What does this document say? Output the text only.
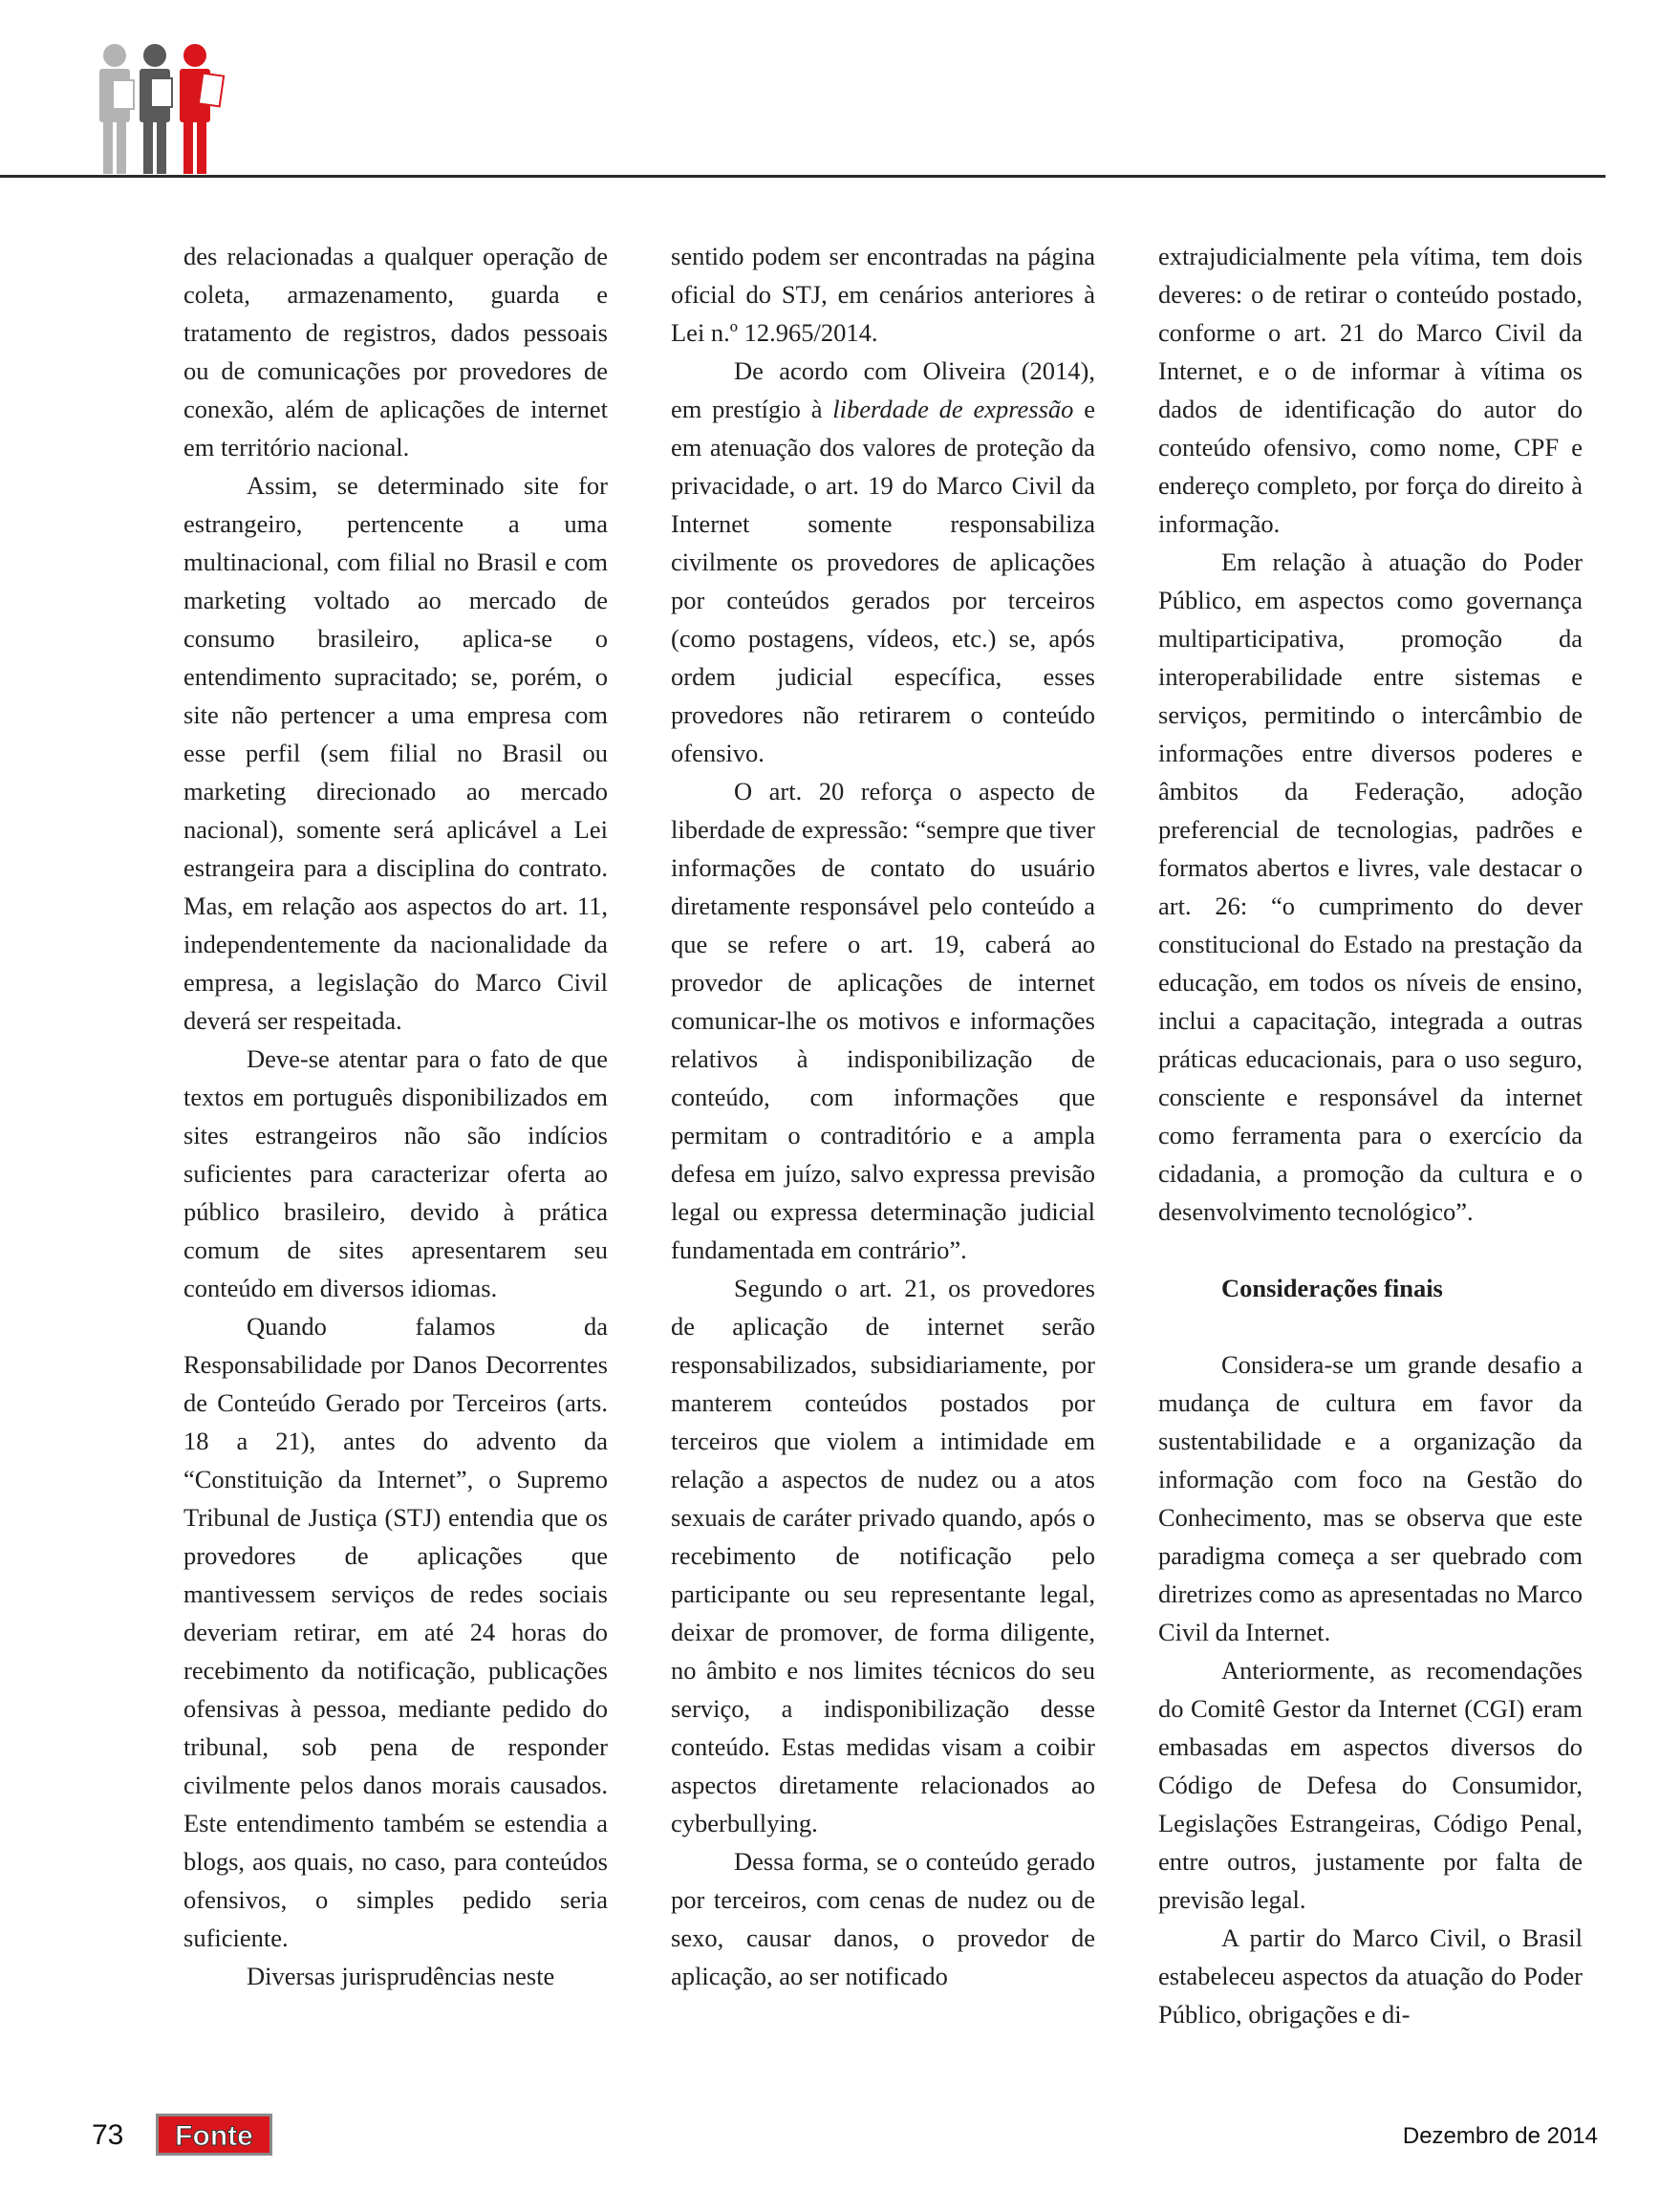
des relacionadas a qualquer operação de coleta, armazenamento, guarda e tratamento de registros, dados pessoais ou de comunicações por provedores de conexão, além de aplicações de internet em território nacional.

Assim, se determinado site for estrangeiro, pertencente a uma multinacional, com filial no Brasil e com marketing voltado ao mercado de consumo brasileiro, aplica-se o entendimento supracitado; se, porém, o site não pertencer a uma empresa com esse perfil (sem filial no Brasil ou marketing direcionado ao mercado nacional), somente será aplicável a Lei estrangeira para a disciplina do contrato. Mas, em relação aos aspectos do art. 11, independentemente da nacionalidade da empresa, a legislação do Marco Civil deverá ser respeitada.

Deve-se atentar para o fato de que textos em português disponibilizados em sites estrangeiros não são indícios suficientes para caracterizar oferta ao público brasileiro, devido à prática comum de sites apresentarem seu conteúdo em diversos idiomas.

Quando falamos da Responsabilidade por Danos Decorrentes de Conteúdo Gerado por Terceiros (arts. 18 a 21), antes do advento da “Constituição da Internet”, o Supremo Tribunal de Justiça (STJ) entendia que os provedores de aplicações que mantivessem serviços de redes sociais deveriam retirar, em até 24 horas do recebimento da notificação, publicações ofensivas à pessoa, mediante pedido do tribunal, sob pena de responder civilmente pelos danos morais causados. Este entendimento também se estendia a blogs, aos quais, no caso, para conteúdos ofensivos, o simples pedido seria suficiente.

Diversas jurisprudências neste

sentido podem ser encontradas na página oficial do STJ, em cenários anteriores à Lei n.º 12.965/2014.

De acordo com Oliveira (2014), em prestígio à liberdade de expressão e em atenuação dos valores de proteção da privacidade, o art. 19 do Marco Civil da Internet somente responsabiliza civilmente os provedores de aplicações por conteúdos gerados por terceiros (como postagens, vídeos, etc.) se, após ordem judicial específica, esses provedores não retirarem o conteúdo ofensivo.

O art. 20 reforça o aspecto de liberdade de expressão: “sempre que tiver informações de contato do usuário diretamente responsável pelo conteúdo a que se refere o art. 19, caberá ao provedor de aplicações de internet comunicar-lhe os motivos e informações relativos à indisponibilização de conteúdo, com informações que permitam o contraditório e a ampla defesa em juízo, salvo expressa previsão legal ou expressa determinação judicial fundamentada em contrário”.

Segundo o art. 21, os provedores de aplicação de internet serão responsabilizados, subsidiariamente, por manterem conteúdos postados por terceiros que violem a intimidade em relação a aspectos de nudez ou a atos sexuais de caráter privado quando, após o recebimento de notificação pelo participante ou seu representante legal, deixar de promover, de forma diligente, no âmbito e nos limites técnicos do seu serviço, a indisponibilização desse conteúdo. Estas medidas visam a coibir aspectos diretamente relacionados ao cyberbullying.

Dessa forma, se o conteúdo gerado por terceiros, com cenas de nudez ou de sexo, causar danos, o provedor de aplicação, ao ser notificado

extrajudicialmente pela vítima, tem dois deveres: o de retirar o conteúdo postado, conforme o art. 21 do Marco Civil da Internet, e o de informar à vítima os dados de identificação do autor do conteúdo ofensivo, como nome, CPF e endereço completo, por força do direito à informação.

Em relação à atuação do Poder Público, em aspectos como governança multiparticipativa, promoção da interoperabilidade entre sistemas e serviços, permitindo o intercâmbio de informações entre diversos poderes e âmbitos da Federação, adoção preferencial de tecnologias, padrões e formatos abertos e livres, vale destacar o art. 26: “o cumprimento do dever constitucional do Estado na prestação da educação, em todos os níveis de ensino, inclui a capacitação, integrada a outras práticas educacionais, para o uso seguro, consciente e responsável da internet como ferramenta para o exercício da cidadania, a promoção da cultura e o desenvolvimento tecnológico”.

Considerações finais

Considera-se um grande desafio a mudança de cultura em favor da sustentabilidade e a organização da informação com foco na Gestão do Conhecimento, mas se observa que este paradigma começa a ser quebrado com diretrizes como as apresentadas no Marco Civil da Internet.

Anteriormente, as recomendações do Comitê Gestor da Internet (CGI) eram embasadas em aspectos diversos do Código de Defesa do Consumidor, Legislações Estrangeiras, Código Penal, entre outros, justamente por falta de previsão legal.

A partir do Marco Civil, o Brasil estabeleceu aspectos da atuação do Poder Público, obrigações e di-

73 Fonte	Dezembro de 2014
